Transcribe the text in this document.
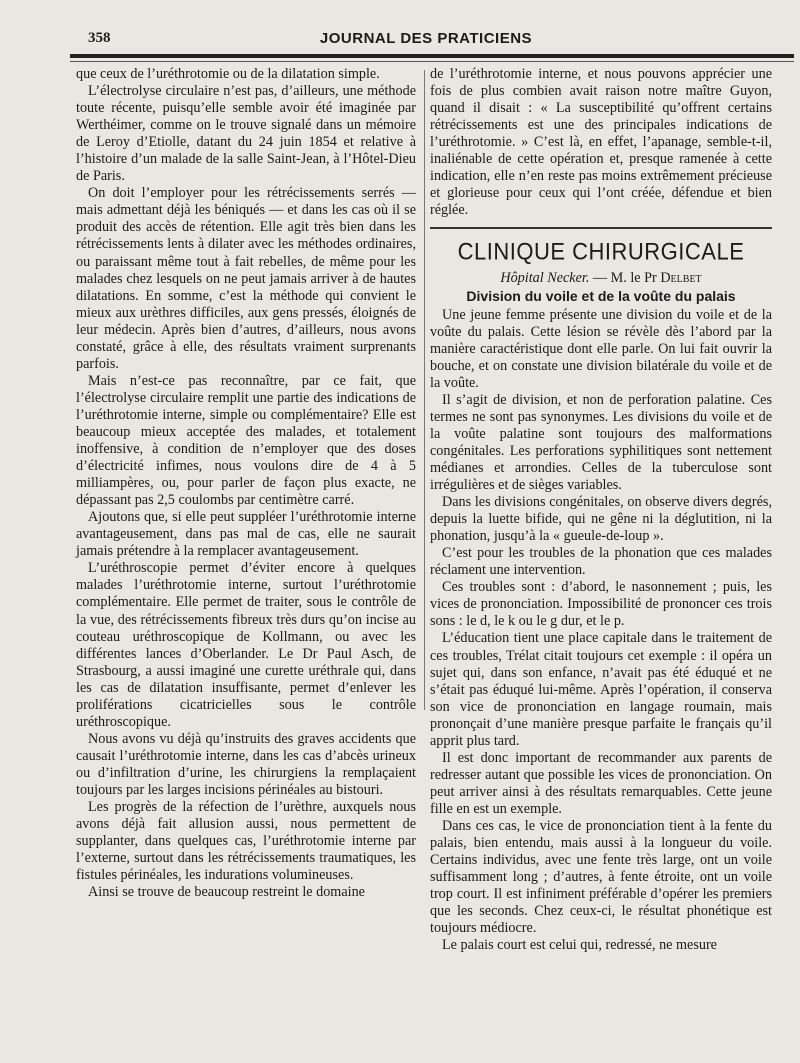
358	JOURNAL DES PRATICIENS

que ceux de l’uréthrotomie ou de la dilatation simple.

L’électrolyse circulaire n’est pas, d’ailleurs, une méthode toute récente, puisqu’elle semble avoir été imaginée par Werthéimer, comme on le trouve signalé dans un mémoire de Leroy d’Etiolle, datant du 24 juin 1854 et relative à l’histoire d’un malade de la salle Saint-Jean, à l’Hôtel-Dieu de Paris.

On doit l’employer pour les rétrécissements serrés — mais admettant déjà les béniqués — et dans les cas où il se produit des accès de rétention. Elle agit très bien dans les rétrécissements lents à dilater avec les méthodes ordinaires, ou paraissant même tout à fait rebelles, de même pour les malades chez lesquels on ne peut jamais arriver à de hautes dilatations. En somme, c’est la méthode qui convient le mieux aux urèthres difficiles, aux gens pressés, éloignés de leur médecin. Après bien d’autres, d’ailleurs, nous avons constaté, grâce à elle, des résultats vraiment surprenants parfois.

Mais n’est-ce pas reconnaître, par ce fait, que l’électrolyse circulaire remplit une partie des indications de l’uréthrotomie interne, simple ou complémentaire? Elle est beaucoup mieux acceptée des malades, et totalement inoffensive, à condition de n’employer que des doses d’électricité infimes, nous voulons dire de 4 à 5 milliampères, ou, pour parler de façon plus exacte, ne dépassant pas 2,5 coulombs par centimètre carré.

Ajoutons que, si elle peut suppléer l’uréthrotomie interne avantageusement, dans pas mal de cas, elle ne saurait jamais prétendre à la remplacer avantageusement.

L’uréthroscopie permet d’éviter encore à quelques malades l’uréthrotomie interne, surtout l’uréthrotomie complémentaire. Elle permet de traiter, sous le contrôle de la vue, des rétrécissements fibreux très durs qu’on incise au couteau uréthroscopique de Kollmann, ou avec les différentes lances d’Oberlander. Le Dr Paul Asch, de Strasbourg, a aussi imaginé une curette uréthrale qui, dans les cas de dilatation insuffisante, permet d’enlever les proliférations cicatricielles sous le contrôle uréthroscopique.

Nous avons vu déjà qu’instruits des graves accidents que causait l’uréthrotomie interne, dans les cas d’abcès urineux ou d’infiltration d’urine, les chirurgiens la remplaçaient toujours par les larges incisions périnéales au bistouri.

Les progrès de la réfection de l’urèthre, auxquels nous avons déjà fait allusion aussi, nous permettent de supplanter, dans quelques cas, l’uréthrotomie interne par l’externe, surtout dans les rétrécissements traumatiques, les fistules périnéales, les indurations volumineuses.

Ainsi se trouve de beaucoup restreint le domaine

de l’uréthrotomie interne, et nous pouvons apprécier une fois de plus combien avait raison notre maître Guyon, quand il disait : « La susceptibilité qu’offrent certains rétrécissements est une des principales indications de l’uréthrotomie. » C’est là, en effet, l’apanage, semble-t-il, inaliénable de cette opération et, presque ramenée à cette indication, elle n’en reste pas moins extrêmement précieuse et glorieuse pour ceux qui l’ont créée, défendue et bien réglée.

CLINIQUE CHIRURGICALE
Hôpital Necker. — M. le Pr Delbet
Division du voile et de la voûte du palais

Une jeune femme présente une division du voile et de la voûte du palais. Cette lésion se révèle dès l’abord par la manière caractéristique dont elle parle. On lui fait ouvrir la bouche, et on constate une division bilatérale du voile et de la voûte.

Il s’agit de division, et non de perforation palatine. Ces termes ne sont pas synonymes. Les divisions du voile et de la voûte palatine sont toujours des malformations congénitales. Les perforations syphilitiques sont nettement médianes et arrondies. Celles de la tuberculose sont irrégulières et de sièges variables.

Dans les divisions congénitales, on observe divers degrés, depuis la luette bifide, qui ne gêne ni la déglutition, ni la phonation, jusqu’à la « gueule-de-loup ».

C’est pour les troubles de la phonation que ces malades réclament une intervention.

Ces troubles sont : d’abord, le nasonnement ; puis, les vices de prononciation. Impossibilité de prononcer ces trois sons : le d, le k ou le g dur, et le p.

L’éducation tient une place capitale dans le traitement de ces troubles, Trélat citait toujours cet exemple : il opéra un sujet qui, dans son enfance, n’avait pas été éduqué et ne s’était pas éduqué lui-même. Après l’opération, il conserva son vice de prononciation en langage roumain, mais prononçait d’une manière presque parfaite le français qu’il apprit plus tard.

Il est donc important de recommander aux parents de redresser autant que possible les vices de prononciation. On peut arriver ainsi à des résultats remarquables. Cette jeune fille en est un exemple.

Dans ces cas, le vice de prononciation tient à la fente du palais, bien entendu, mais aussi à la longueur du voile. Certains individus, avec une fente très large, ont un voile suffisamment long ; d’autres, à fente étroite, ont un voile trop court. Il est infiniment préférable d’opérer les premiers que les seconds. Chez ceux-ci, le résultat phonétique est toujours médiocre.

Le palais court est celui qui, redressé, ne mesure
